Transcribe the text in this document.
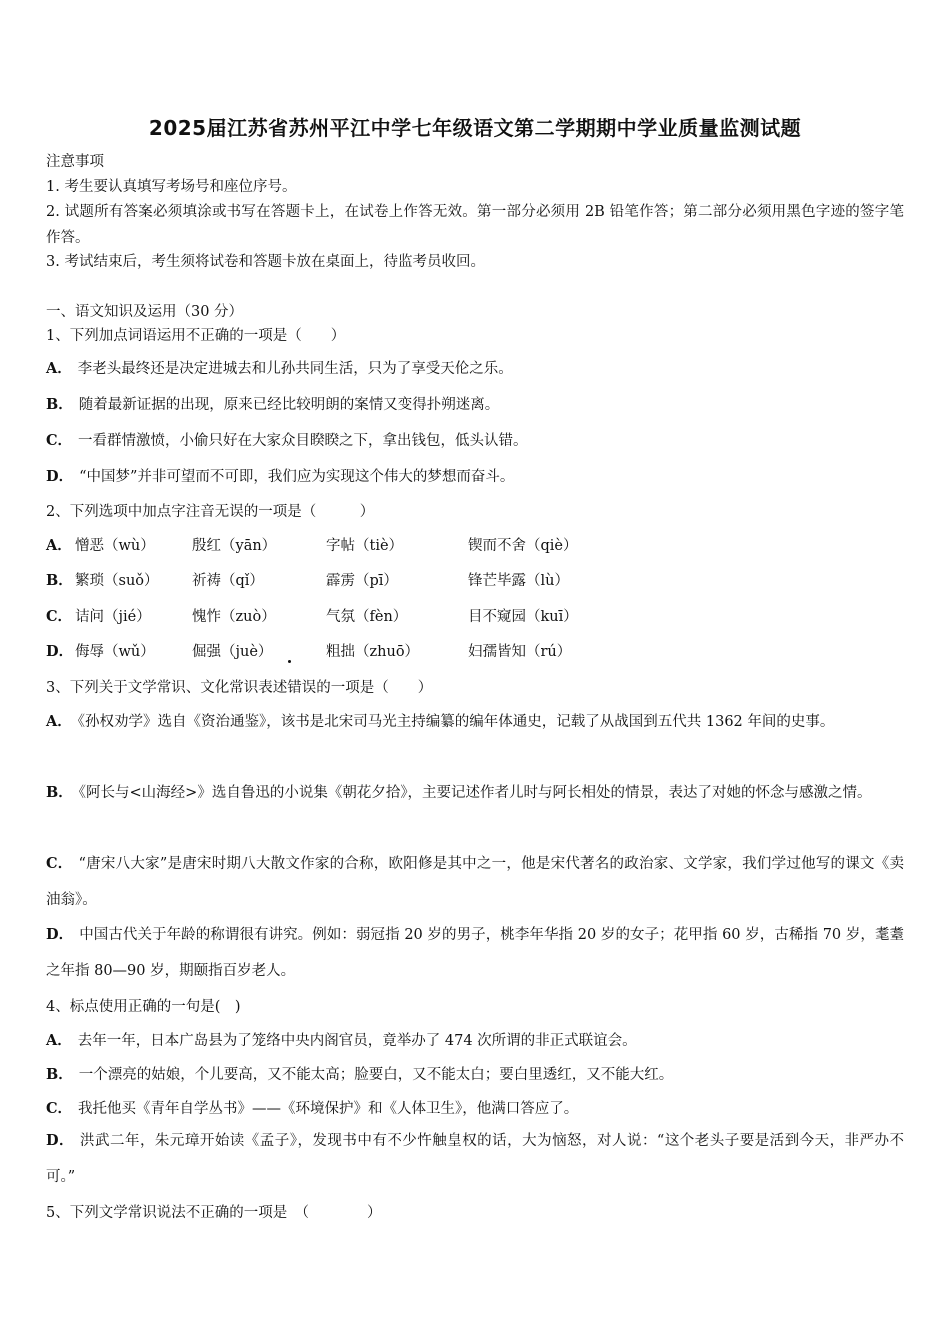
2025届江苏省苏州平江中学七年级语文第二学期期中学业质量监测试题
注意事项
1. 考生要认真填写考场号和座位序号。
2. 试题所有答案必须填涂或书写在答题卡上，在试卷上作答无效。第一部分必须用 2B 铅笔作答；第二部分必须用黑色字迹的签字笔作答。
3. 考试结束后，考生须将试卷和答题卡放在桌面上，待监考员收回。
一、语文知识及运用（30 分）
1、下列加点词语运用不正确的一项是（　　）
A． 李老头最终还是决定进城去和儿孙共同生活，只为了享受天伦之乐。
B． 随着最新证据的出现，原来已经比较明朗的案情又变得扑朔迷离。
C． 一看群情激愤，小偷只好在大家众目睽睽之下，拿出钱包，低头认错。
D． “中国梦”并非可望而不可即，我们应为实现这个伟大的梦想而奋斗。
2、下列选项中加点字注音无误的一项是（　　　）
A． 憎恶（wù）	殷红（yān）	字帖（tiè）	锲而不舍（qiè）
B． 繁琐（suǒ） 祈祷（qǐ）	霹雳（pī）	锋芒毕露（lù）
C． 诘问（jié）	愧怍（zuò）	气氛（fèn）	目不窥园（kuī）
D． 侮辱（wǔ）	倔强（juè）	粗拙（zhuō）	妇孺皆知（rú）
3、下列关于文学常识、文化常识表述错误的一项是（　　）
A． 《孙权劝学》选自《资治通鉴》，该书是北宋司马光主持编纂的编年体通史，记载了从战国到五代共 1362 年间的史事。
B． 《阿长与<山海经>》选自鲁迅的小说集《朝花夕拾》，主要记述作者儿时与阿长相处的情景，表达了对她的怀念与感激之情。
C． “唐宋八大家”是唐宋时期八大散文作家的合称，欧阳修是其中之一，他是宋代著名的政治家、文学家，我们学过他写的课文《卖油翁》。
D． 中国古代关于年龄的称谓很有讲究。例如：弱冠指 20 岁的男子，桃李年华指 20 岁的女子；花甲指 60 岁，古稀指 70 岁，耄耋之年指 80—90 岁，期颐指百岁老人。
4、标点使用正确的一句是(　)
A． 去年一年，日本广岛县为了笼络中央内阁官员，竟举办了 474 次所谓的非正式联谊会。
B． 一个漂亮的姑娘，个儿要高，又不能太高；脸要白，又不能太白；要白里透红，又不能大红。
C． 我托他买《青年自学丛书》——《环境保护》和《人体卫生》，他满口答应了。
D． 洪武二年，朱元璋开始读《孟子》，发现书中有不少忤触皇权的话，大为恼怒，对人说：“这个老头子要是活到今天，非严办不可。”
5、下列文学常识说法不正确的一项是　（　　　　）
